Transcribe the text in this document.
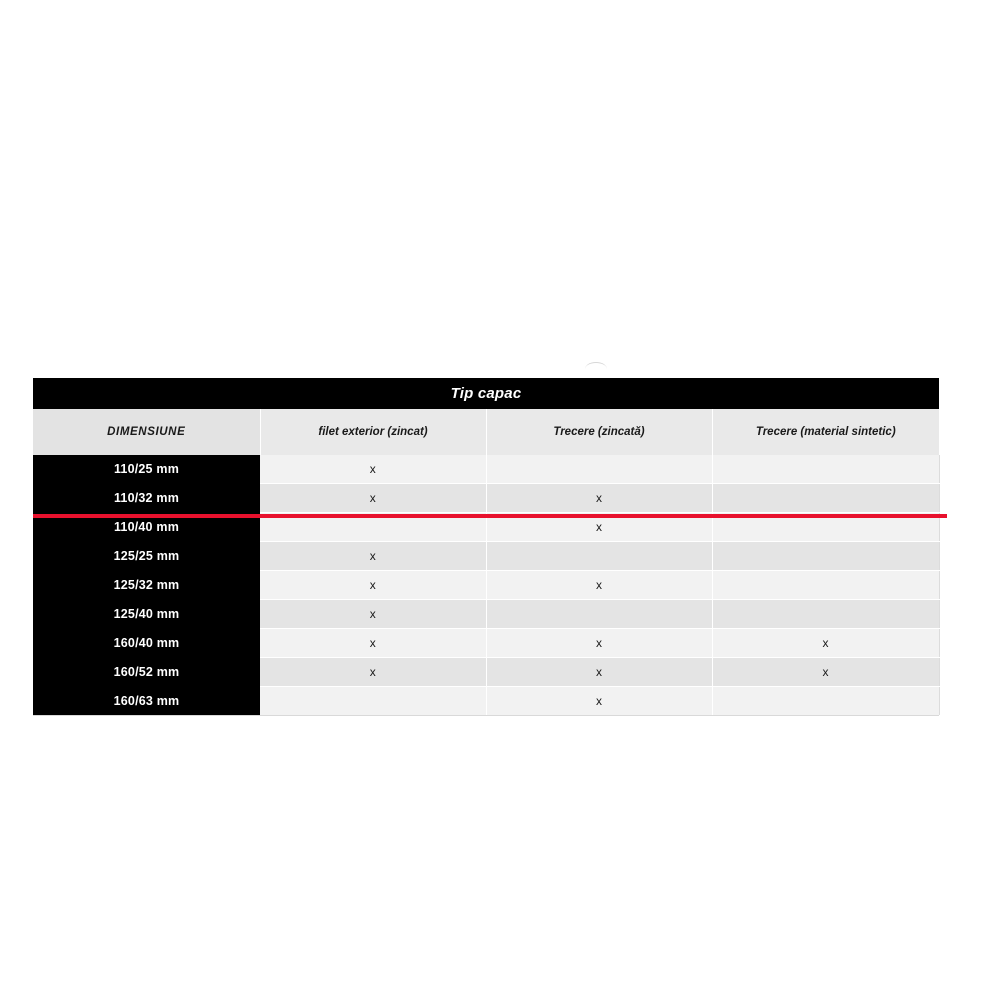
Tip capac			
DIMENSIUNE	filet exterior (zincat)	Trecere (zincată)	Trecere (material sintetic)
110/25 mm	x		
110/32 mm	x	x	
110/40 mm		x	
125/25 mm	x		
125/32 mm	x	x	
125/40 mm	x		
160/40 mm	x	x	x
160/52 mm	x	x	x
160/63 mm		x	
